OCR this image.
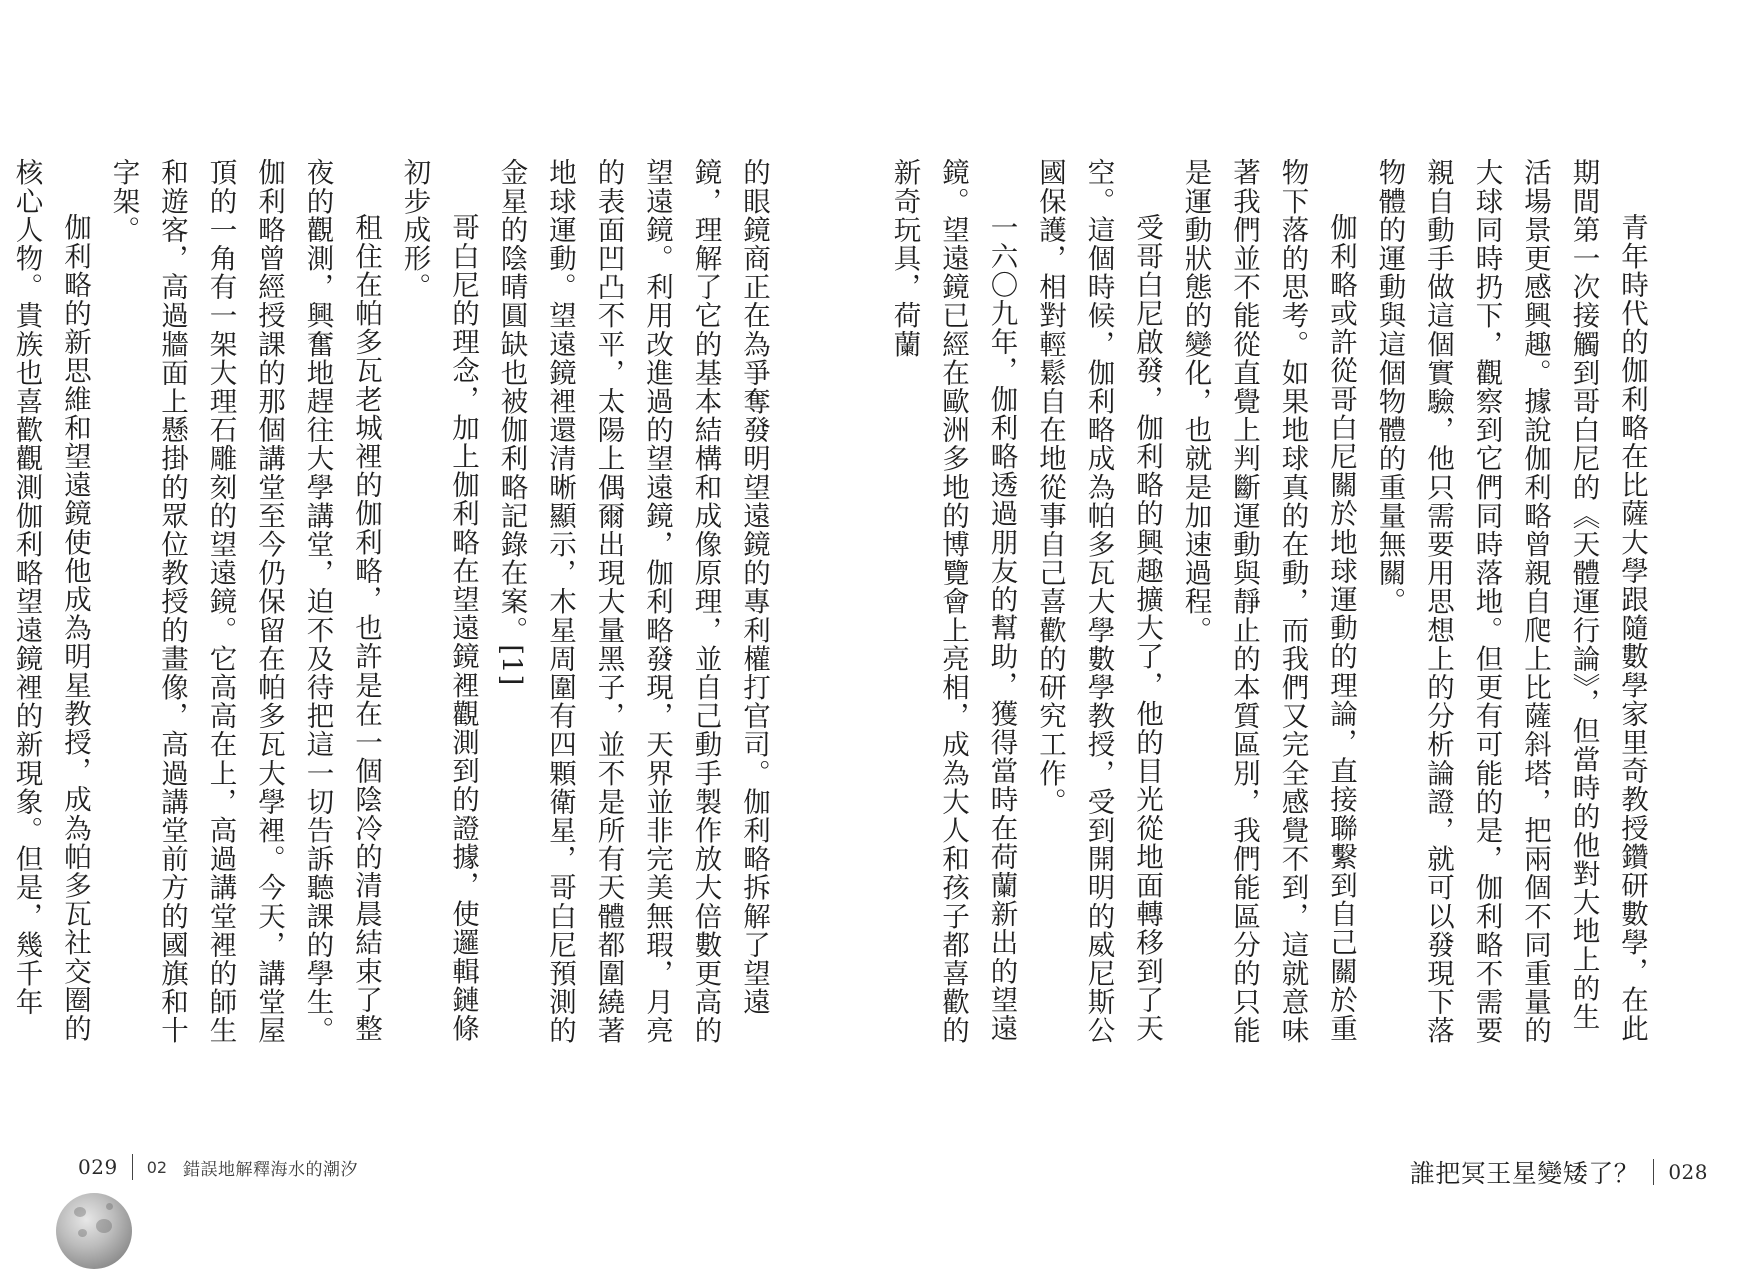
的眼鏡商正在為爭奪發明望遠鏡的專利權打官司。伽利略拆解了望遠鏡，理解了它的基本結構和成像原理，並自己動手製作放大倍數更高的望遠鏡。利用改進過的望遠鏡，伽利略發現，天界並非完美無瑕，月亮的表面凹凸不平，太陽上偶爾出現大量黑子，並不是所有天體都圍繞著地球運動。望遠鏡裡還清晰顯示，木星周圍有四顆衛星，哥白尼預測的金星的陰晴圓缺也被伽利略記錄在案。[1]

哥白尼的理念，加上伽利略在望遠鏡裡觀測到的證據，使邏輯鏈條初步成形。

租住在帕多瓦老城裡的伽利略，也許是在一個陰冷的清晨結束了整夜的觀測，興奮地趕往大學講堂，迫不及待把這一切告訴聽課的學生。伽利略曾經授課的那個講堂至今仍保留在帕多瓦大學裡。今天，講堂屋頂的一角有一架大理石雕刻的望遠鏡。它高高在上，高過講堂裡的師生和遊客，高過牆面上懸掛的眾位教授的畫像，高過講堂前方的國旗和十字架。

伽利略的新思維和望遠鏡使他成為明星教授，成為帕多瓦社交圈的核心人物。貴族也喜歡觀測伽利略望遠鏡裡的新現象。但是，幾千年

029 02 錯誤地解釋海水的潮汐

青年時代的伽利略在比薩大學跟隨數學家里奇教授鑽研數學，在此期間第一次接觸到哥白尼的《天體運行論》，但當時的他對大地上的生活場景更感興趣。據說伽利略曾親自爬上比薩斜塔，把兩個不同重量的大球同時扔下，觀察到它們同時落地。但更有可能的是，伽利略不需要親自動手做這個實驗，他只需要用思想上的分析論證，就可以發現下落物體的運動與這個物體的重量無關。

伽利略或許從哥白尼關於地球運動的理論，直接聯繫到自己關於重物下落的思考。如果地球真的在動，而我們又完全感覺不到，這就意味著我們並不能從直覺上判斷運動與靜止的本質區別，我們能區分的只能是運動狀態的變化，也就是加速過程。

受哥白尼啟發，伽利略的興趣擴大了，他的目光從地面轉移到了天空。這個時候，伽利略成為帕多瓦大學數學教授，受到開明的威尼斯公國保護，相對輕鬆自在地從事自己喜歡的研究工作。

一六〇九年，伽利略透過朋友的幫助，獲得當時在荷蘭新出的望遠鏡。望遠鏡已經在歐洲多地的博覽會上亮相，成為大人和孩子都喜歡的新奇玩具，荷蘭

誰把冥王星變矮了？ 028
